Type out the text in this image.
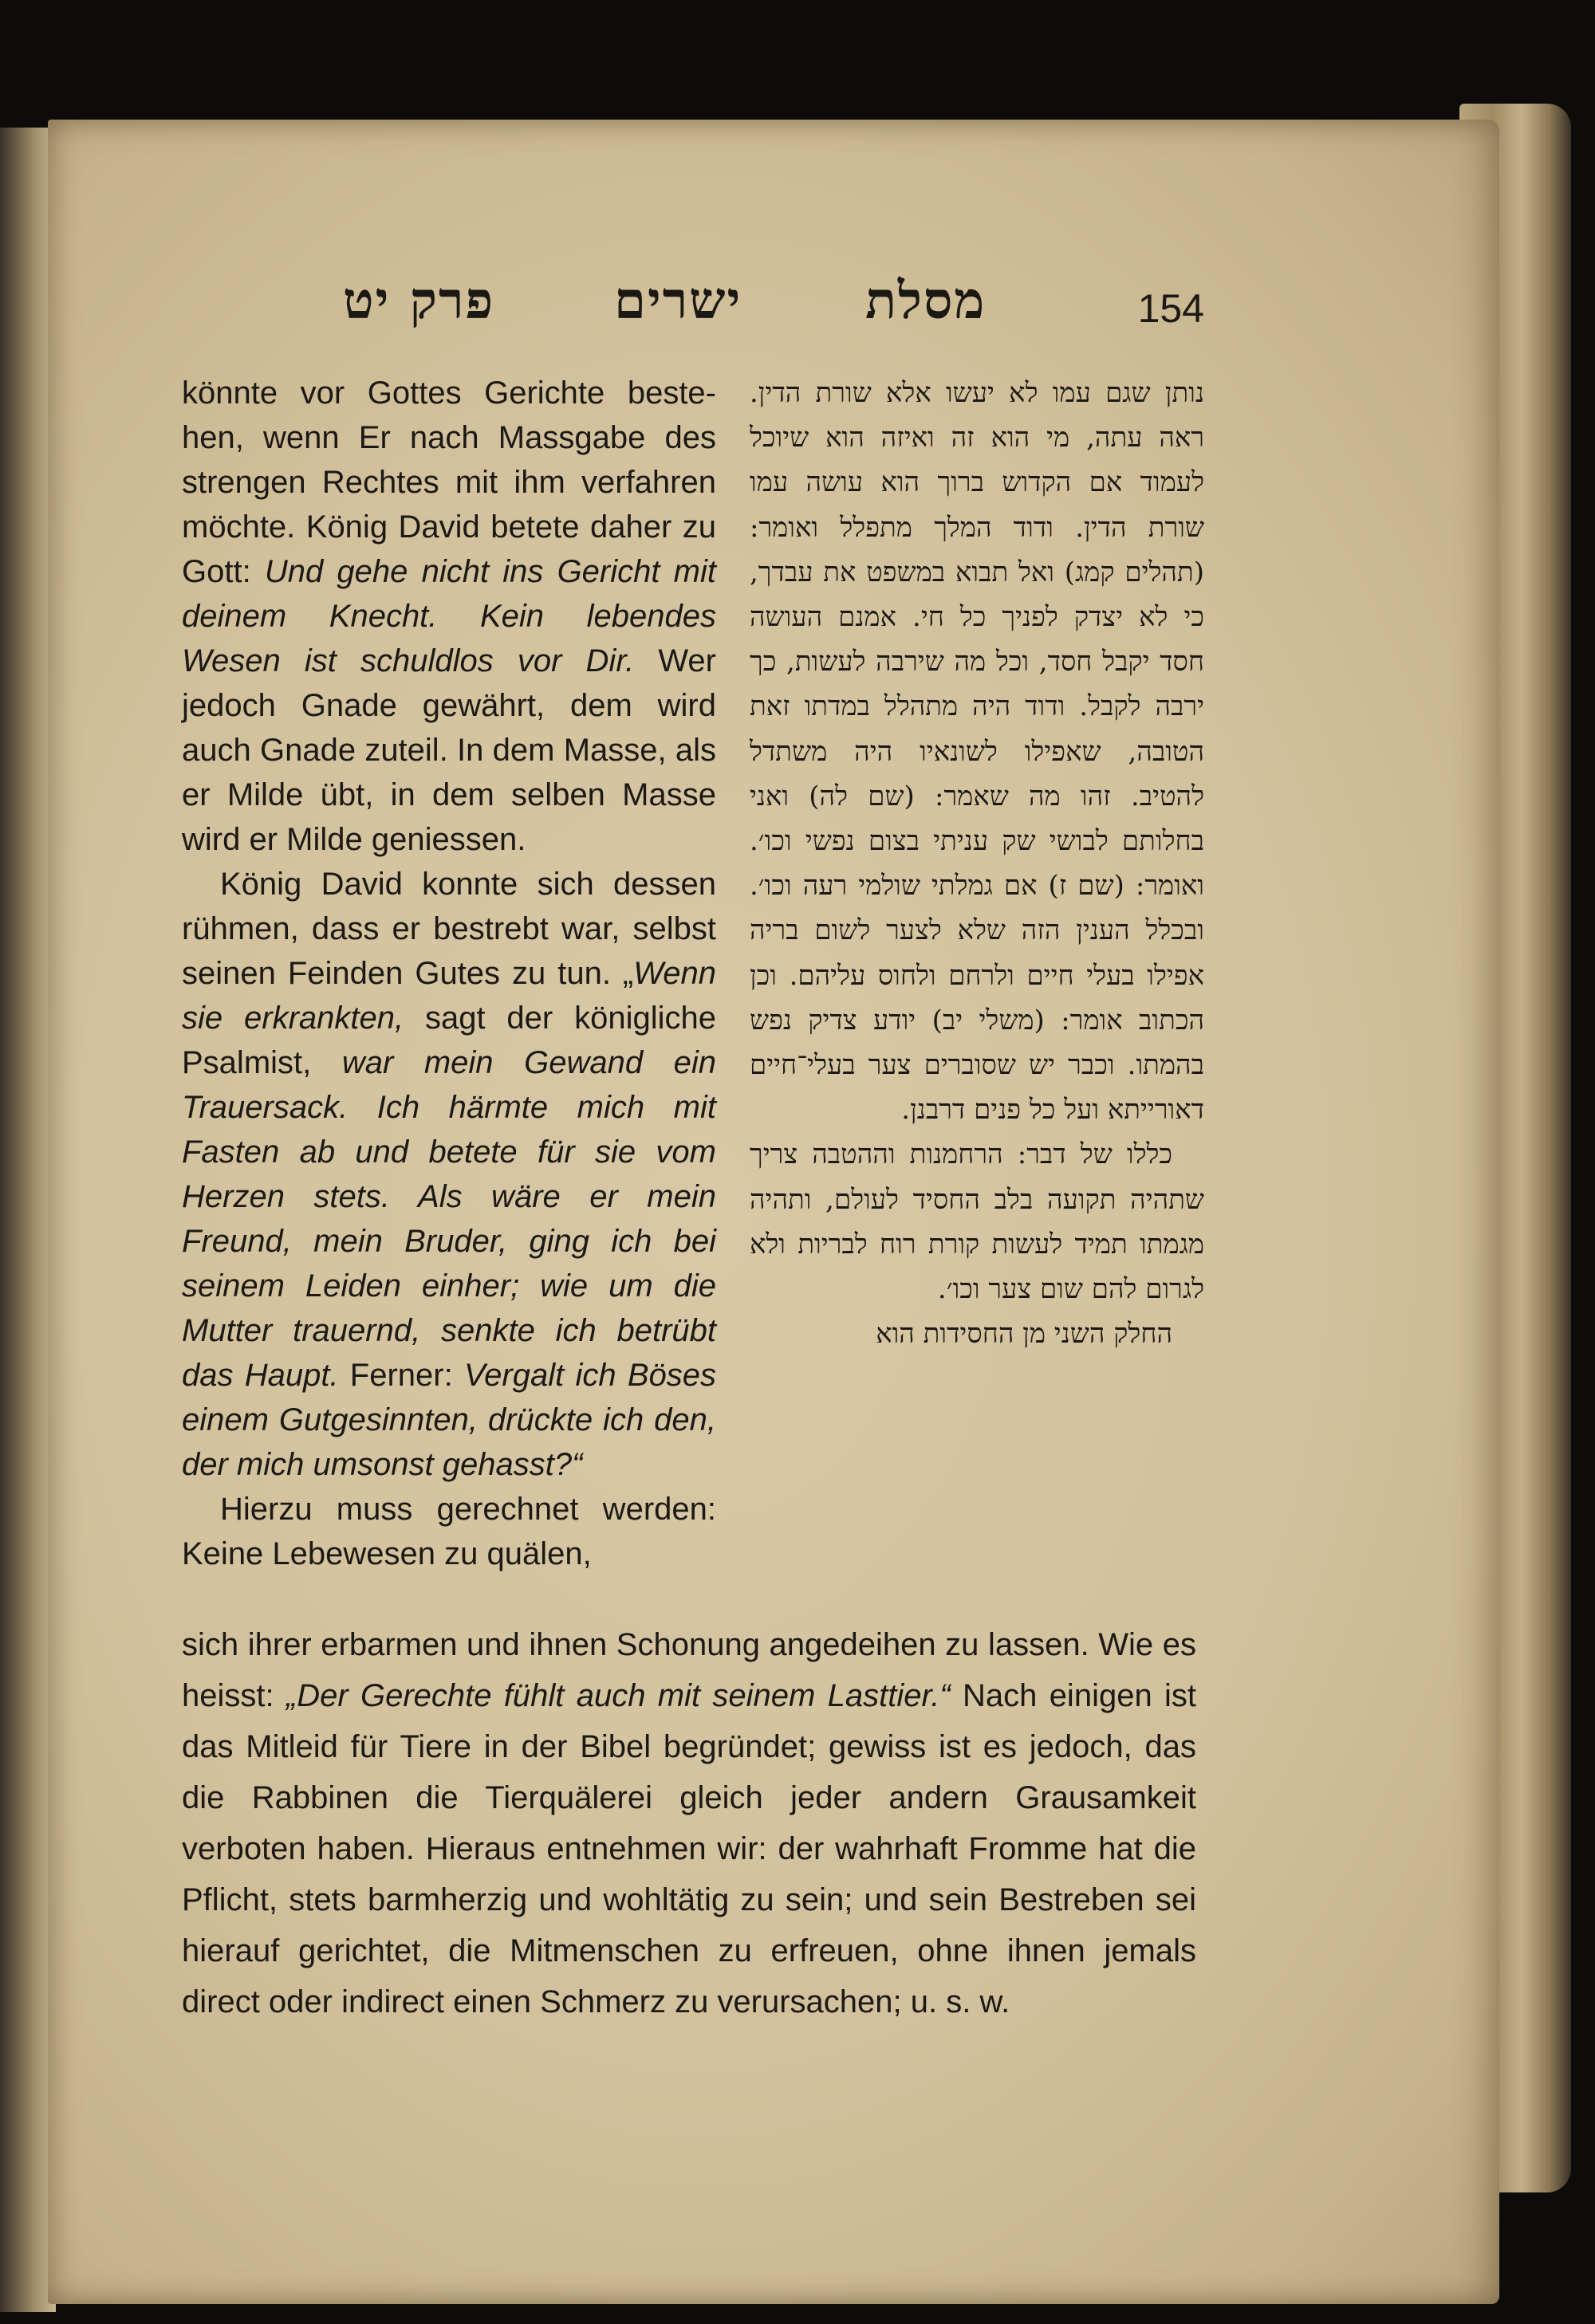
פרק יט ישרים מסלת	154

könnte vor Gottes Gerichte beste-hen, wenn Er nach Massgabe des strengen Rechtes mit ihm verfahren möchte. König David betete daher zu Gott: Und gehe nicht ins Gericht mit deinem Knecht. Kein lebendes Wesen ist schuldlos vor Dir. Wer jedoch Gnade gewährt, dem wird auch Gnade zuteil. In dem Masse, als er Milde übt, in dem selben Masse wird er Milde geniessen.

König David konnte sich dessen rühmen, dass er bestrebt war, selbst seinen Feinden Gutes zu tun. „Wenn sie erkrankten, sagt der königliche Psalmist, war mein Gewand ein Trauersack. Ich härmte mich mit Fasten ab und betete für sie vom Herzen stets. Als wäre er mein Freund, mein Bruder, ging ich bei seinem Leiden einher; wie um die Mutter trauernd, senkte ich betrübt das Haupt. Ferner: Vergalt ich Böses einem Gutgesinnten, drückte ich den, der mich umsonst gehasst?“

Hierzu muss gerechnet werden: Keine Lebewesen zu quälen,

נותן שגם עמו לא יעשו אלא שורת הדין. ראה עתה, מי הוא זה ואיזה הוא שיוכל לעמוד אם הקדוש ברוך הוא עושה עמו שורת הדין. ודוד המלך מתפלל ואומר: (תהלים קמג) ואל תבוא במשפט את עבדך, כי לא יצדק לפניך כל חי. אמנם העושה חסד יקבל חסד, וכל מה שירבה לעשות, כך ירבה לקבל. ודוד היה מתהלל במדתו זאת הטובה, שאפילו לשונאיו היה משתדל להטיב. זהו מה שאמר: (שם לה) ואני בחלותם לבושי שק עניתי בצום נפשי וכו׳. ואומר: (שם ז) אם גמלתי שולמי רעה וכו׳. ובכלל הענין הזה שלא לצער לשום בריה אפילו בעלי חיים ולרחם ולחוס עליהם. וכן הכתוב אומר: (משלי יב) יודע צדיק נפש בהמתו. וכבר יש שסוברים צער בעלי־חיים דאורייתא ועל כל פנים דרבנן.

כללו של דבר: הרחמנות וההטבה צריך שתהיה תקועה בלב החסיד לעולם, ותהיה מגמתו תמיד לעשות קורת רוח לבריות ולא לגרום להם שום צער וכו׳.

החלק השני מן החסידות הוא

sich ihrer erbarmen und ihnen Schonung angedeihen zu lassen. Wie es heisst: „Der Gerechte fühlt auch mit seinem Lasttier.“ Nach einigen ist das Mitleid für Tiere in der Bibel begründet; gewiss ist es jedoch, das die Rabbinen die Tierquälerei gleich jeder andern Grausamkeit verboten haben. Hieraus entnehmen wir: der wahrhaft Fromme hat die Pflicht, stets barmherzig und wohltätig zu sein; und sein Bestreben sei hierauf gerichtet, die Mitmenschen zu erfreuen, ohne ihnen jemals direct oder indirect einen Schmerz zu verursachen; u. s. w.
